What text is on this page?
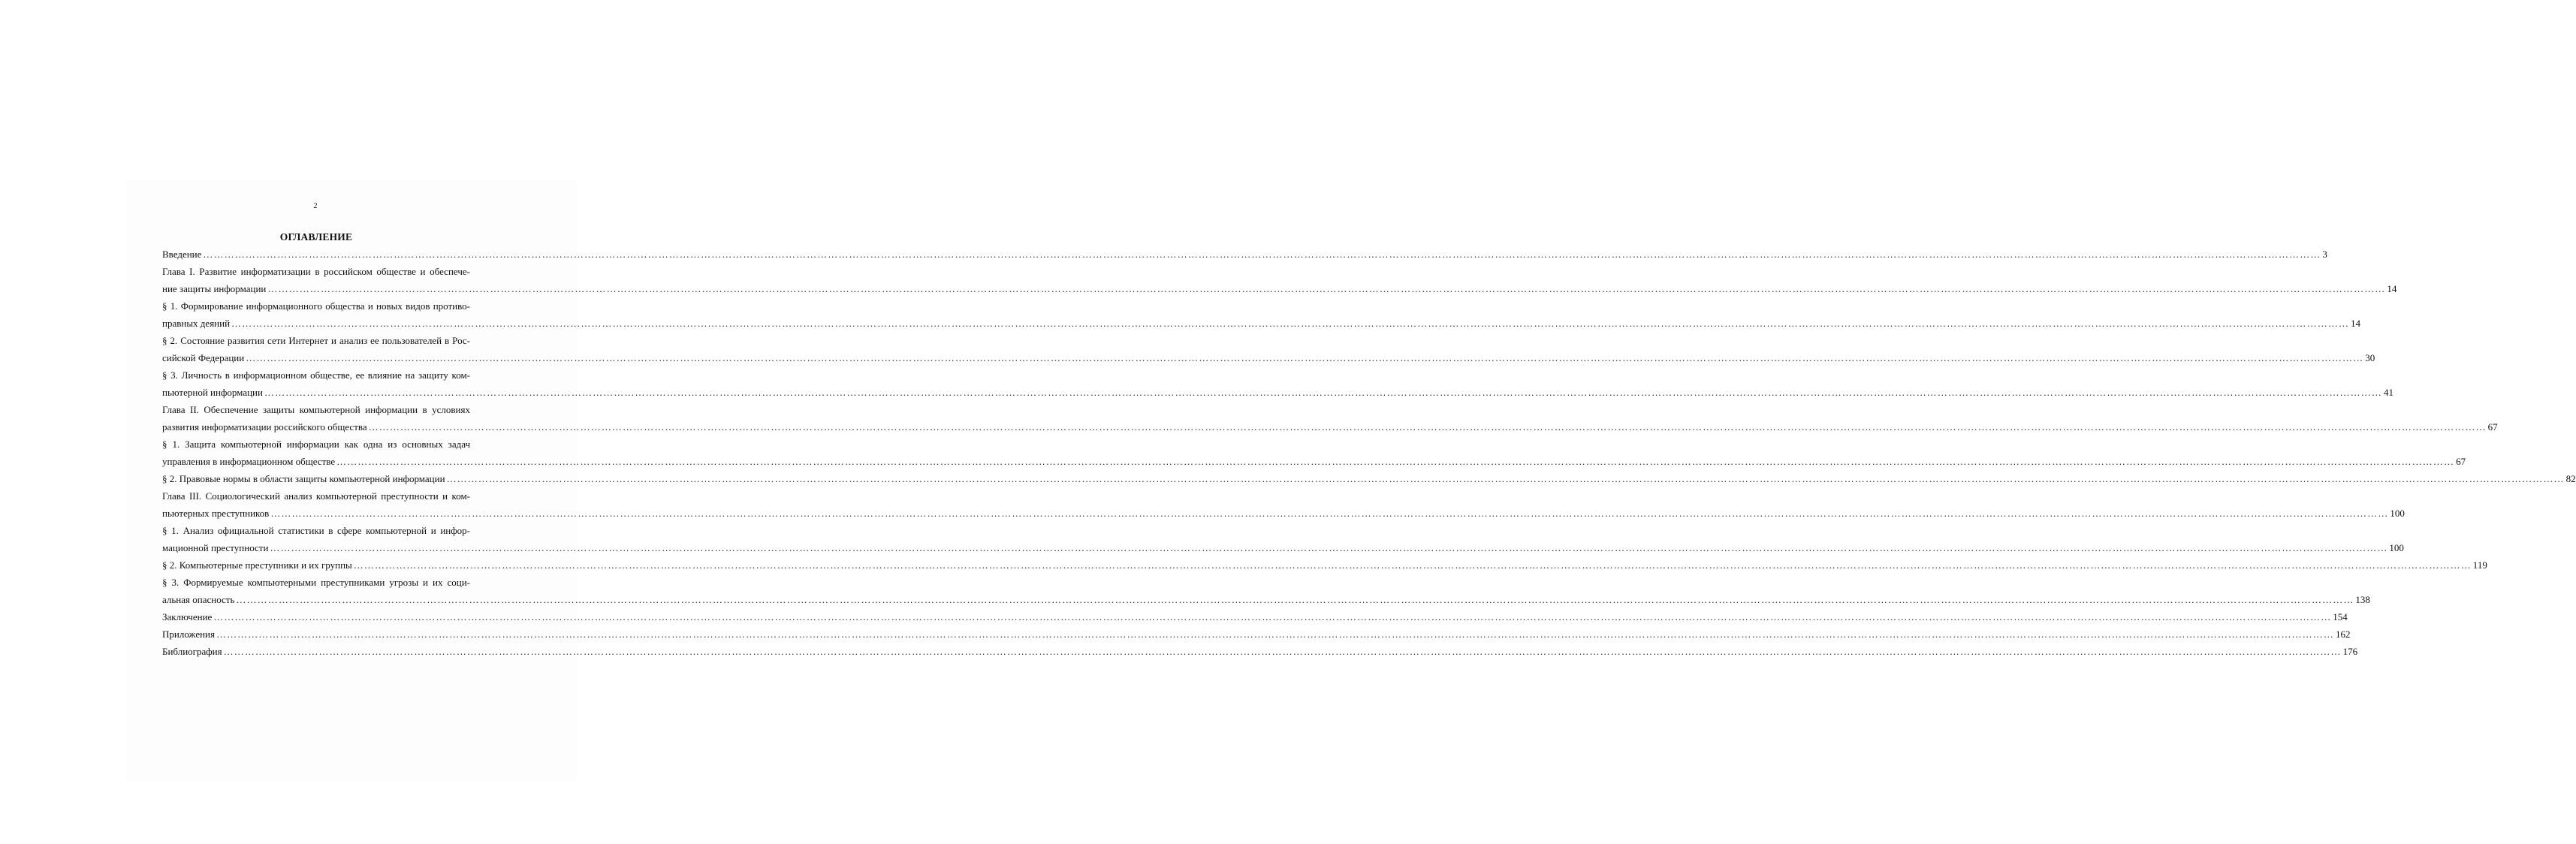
2
ОГЛАВЛЕНИЕ
Введение …………………………………………………………………………………………………………………………………………………………………………………………………………………………………………………………………………………………………………………………………………………………………………………………………………………………………………………………………………………………………………………………………………………… 3
Глава I. Развитие информатизации в российском обществе и обеспече-
ние защиты информации …………………………………………………………………………………………………………………………………………………………………………………………………………………………………………………………………………………………………………………………………………………………………………………………………………………………………………………………………………………………………………………………………………………… 14
§ 1. Формирование информационного общества и новых видов противо-
правных деяний …………………………………………………………………………………………………………………………………………………………………………………………………………………………………………………………………………………………………………………………………………………………………………………………………………………………………………………………………………………………………………………………………………………… 14
§ 2. Состояние развития сети Интернет и анализ ее пользователей в Рос-
сийской Федерации …………………………………………………………………………………………………………………………………………………………………………………………………………………………………………………………………………………………………………………………………………………………………………………………………………………………………………………………………………………………………………………………………………………… 30
§ 3. Личность в информационном обществе, ее влияние на защиту ком-
пьютерной информации …………………………………………………………………………………………………………………………………………………………………………………………………………………………………………………………………………………………………………………………………………………………………………………………………………………………………………………………………………………………………………………………………………………… 41
Глава II. Обеспечение защиты компьютерной информации в условиях
развития информатизации российского общества …………………………………………………………………………………………………………………………………………………………………………………………………………………………………………………………………………………………………………………………………………………………………………………………………………………………………………………………………………………………………………………………………………………… 67
§ 1. Защита компьютерной информации как одна из основных задач
управления в информационном обществе …………………………………………………………………………………………………………………………………………………………………………………………………………………………………………………………………………………………………………………………………………………………………………………………………………………………………………………………………………………………………………………………………………………… 67
§ 2. Правовые нормы в области защиты компьютерной информации …………………………………………………………………………………………………………………………………………………………………………………………………………………………………………………………………………………………………………………………………………………………………………………………………………………………………………………………………………………………………………………………………………………… 82
Глава III. Социологический анализ компьютерной преступности и ком-
пьютерных преступников …………………………………………………………………………………………………………………………………………………………………………………………………………………………………………………………………………………………………………………………………………………………………………………………………………………………………………………………………………………………………………………………………………………… 100
§ 1. Анализ официальной статистики в сфере компьютерной и инфор-
мационной преступности …………………………………………………………………………………………………………………………………………………………………………………………………………………………………………………………………………………………………………………………………………………………………………………………………………………………………………………………………………………………………………………………………………………… 100
§ 2. Компьютерные преступники и их группы …………………………………………………………………………………………………………………………………………………………………………………………………………………………………………………………………………………………………………………………………………………………………………………………………………………………………………………………………………………………………………………………………………………… 119
§ 3. Формируемые компьютерными преступниками угрозы и их соци-
альная опасность …………………………………………………………………………………………………………………………………………………………………………………………………………………………………………………………………………………………………………………………………………………………………………………………………………………………………………………………………………………………………………………………………………………… 138
Заключение …………………………………………………………………………………………………………………………………………………………………………………………………………………………………………………………………………………………………………………………………………………………………………………………………………………………………………………………………………………………………………………………………………………… 154
Приложения …………………………………………………………………………………………………………………………………………………………………………………………………………………………………………………………………………………………………………………………………………………………………………………………………………………………………………………………………………………………………………………………………………………… 162
Библиография …………………………………………………………………………………………………………………………………………………………………………………………………………………………………………………………………………………………………………………………………………………………………………………………………………………………………………………………………………………………………………………………………………………… 176
